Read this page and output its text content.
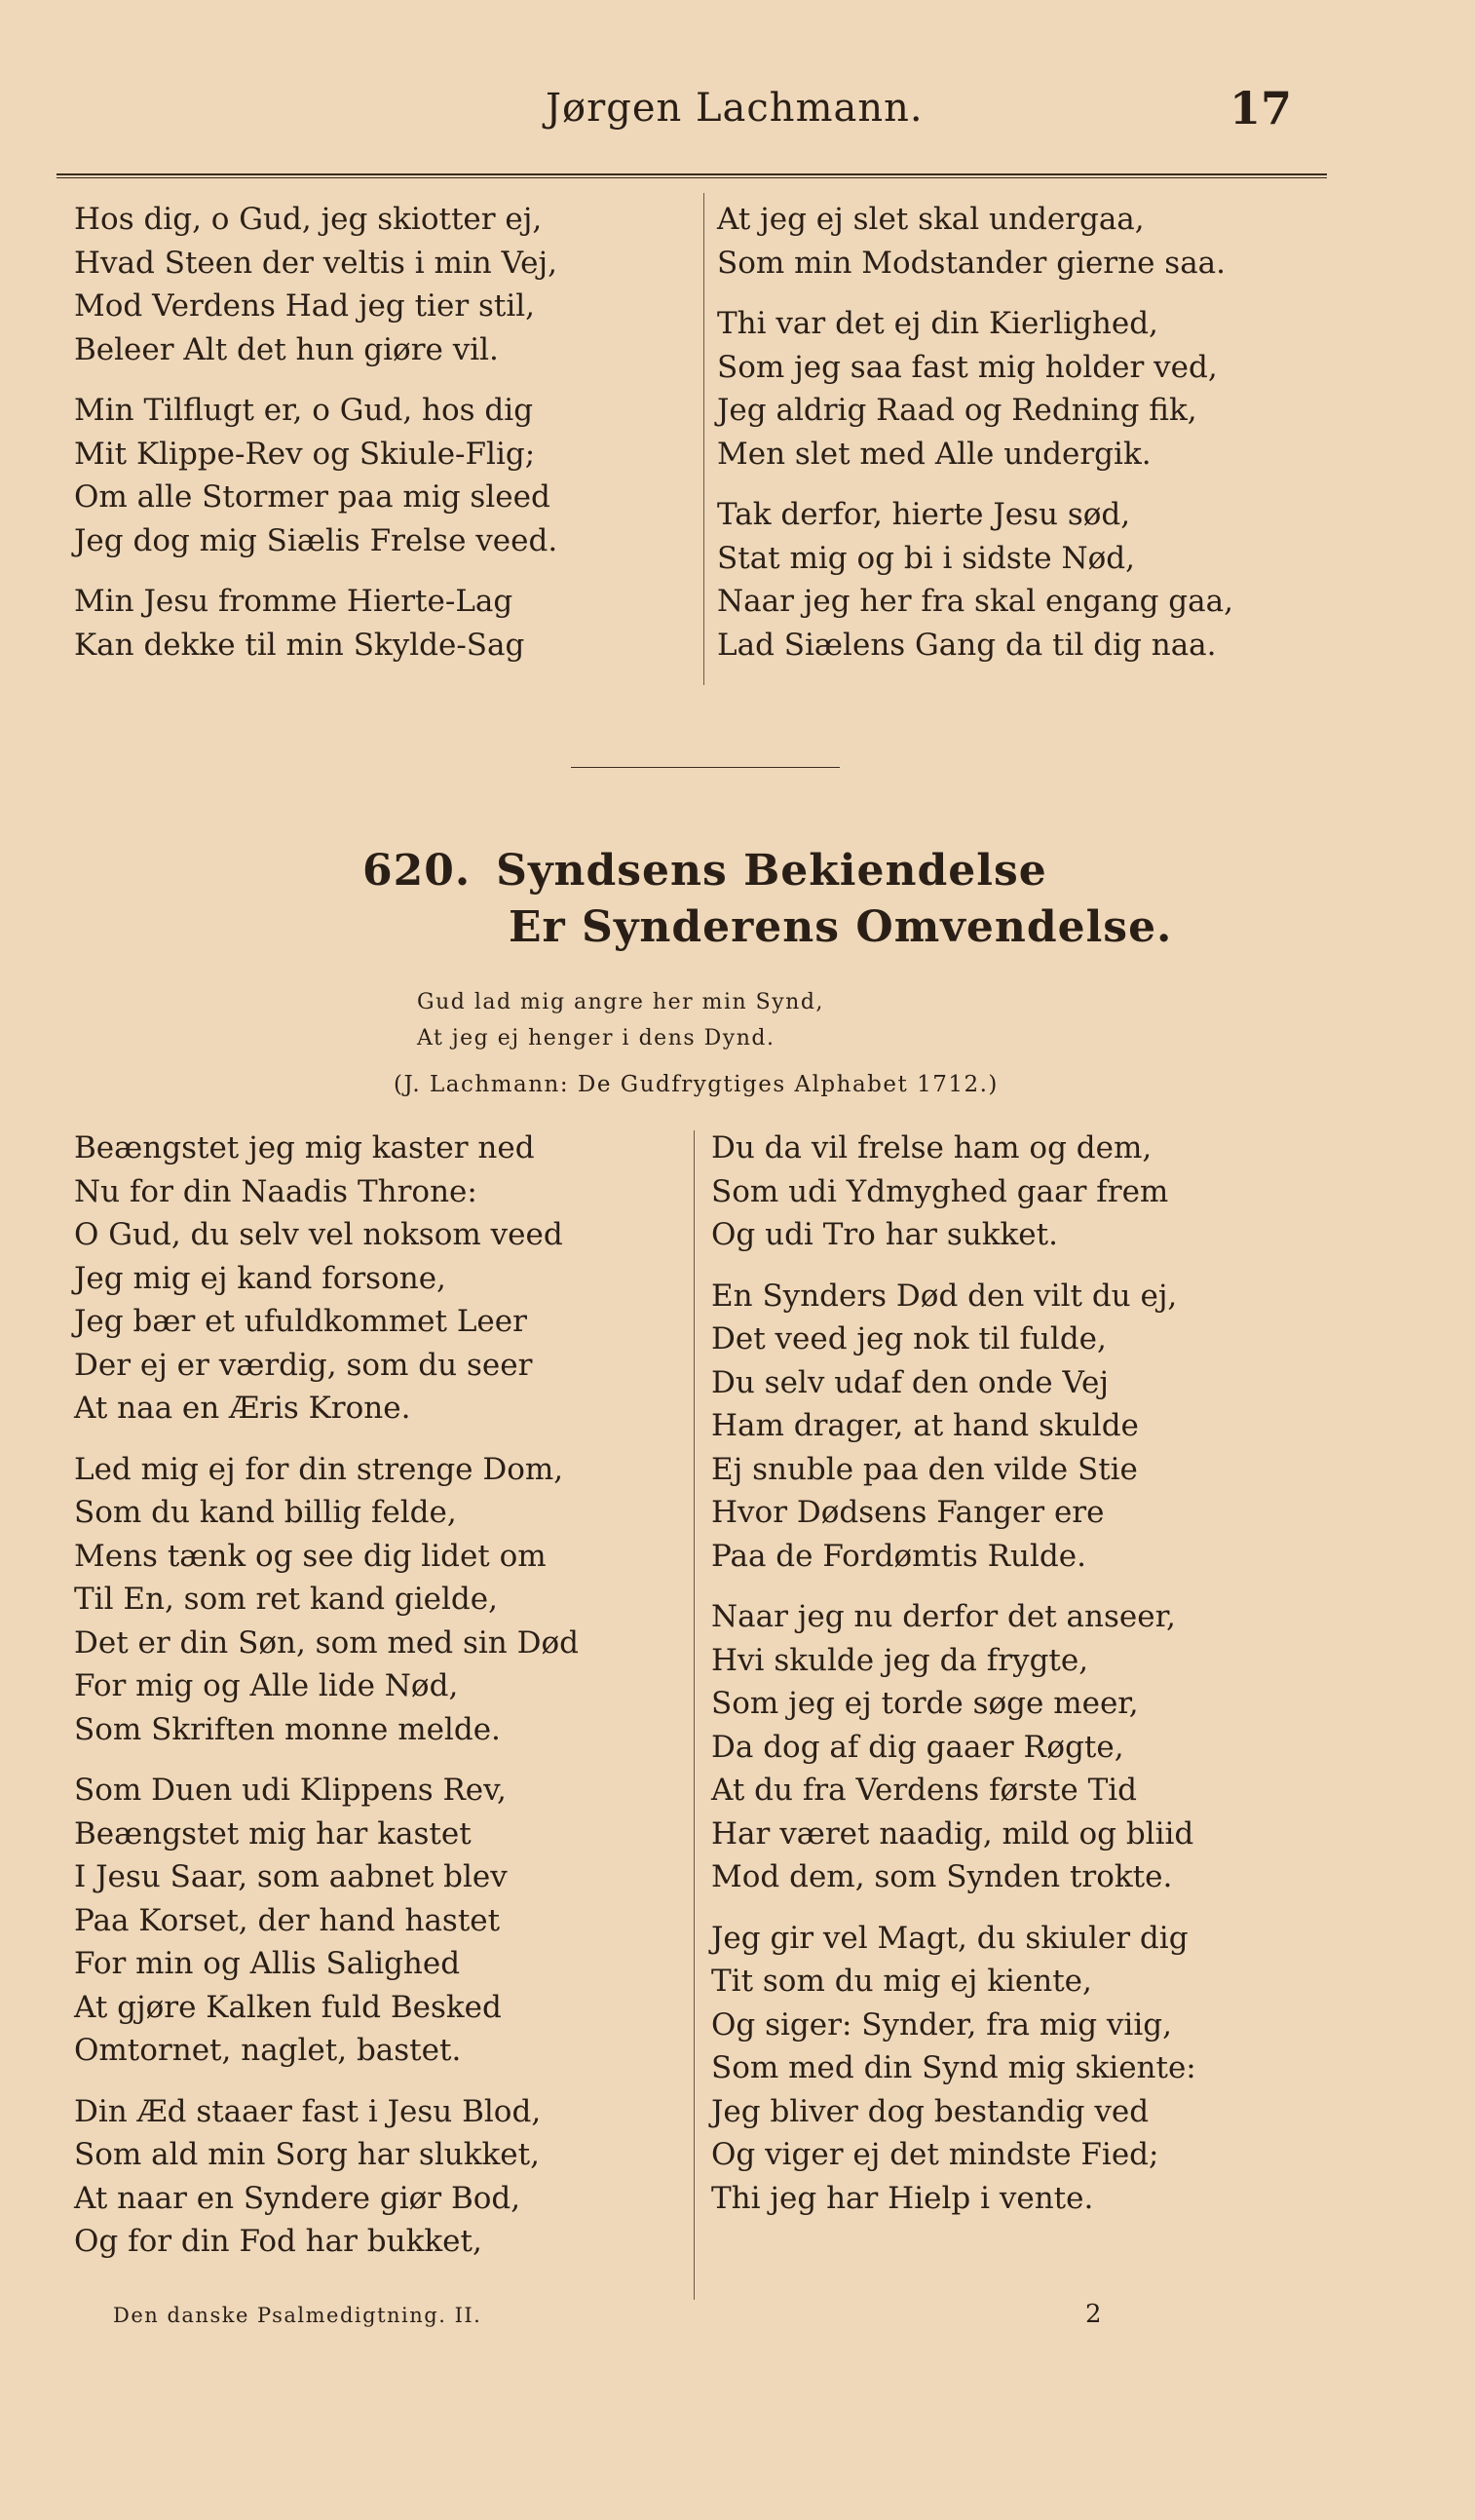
Jørgen Lachmann.	17
Hos dig, o Gud, jeg skiotter ej,
Hvad Steen der veltis i min Vej,
Mod Verdens Had jeg tier stil,
Beleer Alt det hun giøre vil.
Min Tilflugt er, o Gud, hos dig
Mit Klippe-Rev og Skiule-Flig;
Om alle Stormer paa mig sleed
Jeg dog mig Siælis Frelse veed.
Min Jesu fromme Hierte-Lag
Kan dekke til min Skylde-Sag
At jeg ej slet skal undergaa,
Som min Modstander gierne saa.
Thi var det ej din Kierlighed,
Som jeg saa fast mig holder ved,
Jeg aldrig Raad og Redning fik,
Men slet med Alle undergik.
Tak derfor, hierte Jesu sød,
Stat mig og bi i sidste Nød,
Naar jeg her fra skal engang gaa,
Lad Siælens Gang da til dig naa.
620. Syndsens Bekiendelse
Er Synderens Omvendelse.
Gud lad mig angre her min Synd,
At jeg ej henger i dens Dynd.
(J. Lachmann: De Gudfrygtiges Alphabet 1712.)
Beængstet jeg mig kaster ned
Nu for din Naadis Throne:
O Gud, du selv vel noksom veed
Jeg mig ej kand forsone,
Jeg bær et ufuldkommet Leer
Der ej er værdig, som du seer
At naa en Æris Krone.
Led mig ej for din strenge Dom,
Som du kand billig felde,
Mens tænk og see dig lidet om
Til En, som ret kand gielde,
Det er din Søn, som med sin Død
For mig og Alle lide Nød,
Som Skriften monne melde.
Som Duen udi Klippens Rev,
Beængstet mig har kastet
I Jesu Saar, som aabnet blev
Paa Korset, der hand hastet
For min og Allis Salighed
At gjøre Kalken fuld Besked
Omtornet, naglet, bastet.
Din Æd staaer fast i Jesu Blod,
Som ald min Sorg har slukket,
At naar en Syndere giør Bod,
Og for din Fod har bukket,
Du da vil frelse ham og dem,
Som udi Ydmyghed gaar frem
Og udi Tro har sukket.
En Synders Død den vilt du ej,
Det veed jeg nok til fulde,
Du selv udaf den onde Vej
Ham drager, at hand skulde
Ej snuble paa den vilde Stie
Hvor Dødsens Fanger ere
Paa de Fordømtis Rulde.
Naar jeg nu derfor det anseer,
Hvi skulde jeg da frygte,
Som jeg ej torde søge meer,
Da dog af dig gaaer Røgte,
At du fra Verdens første Tid
Har været naadig, mild og bliid
Mod dem, som Synden trokte.
Jeg gir vel Magt, du skiuler dig
Tit som du mig ej kiente,
Og siger: Synder, fra mig viig,
Som med din Synd mig skiente:
Jeg bliver dog bestandig ved
Og viger ej det mindste Fied;
Thi jeg har Hielp i vente.
Den danske Psalmedigtning. II.	2
